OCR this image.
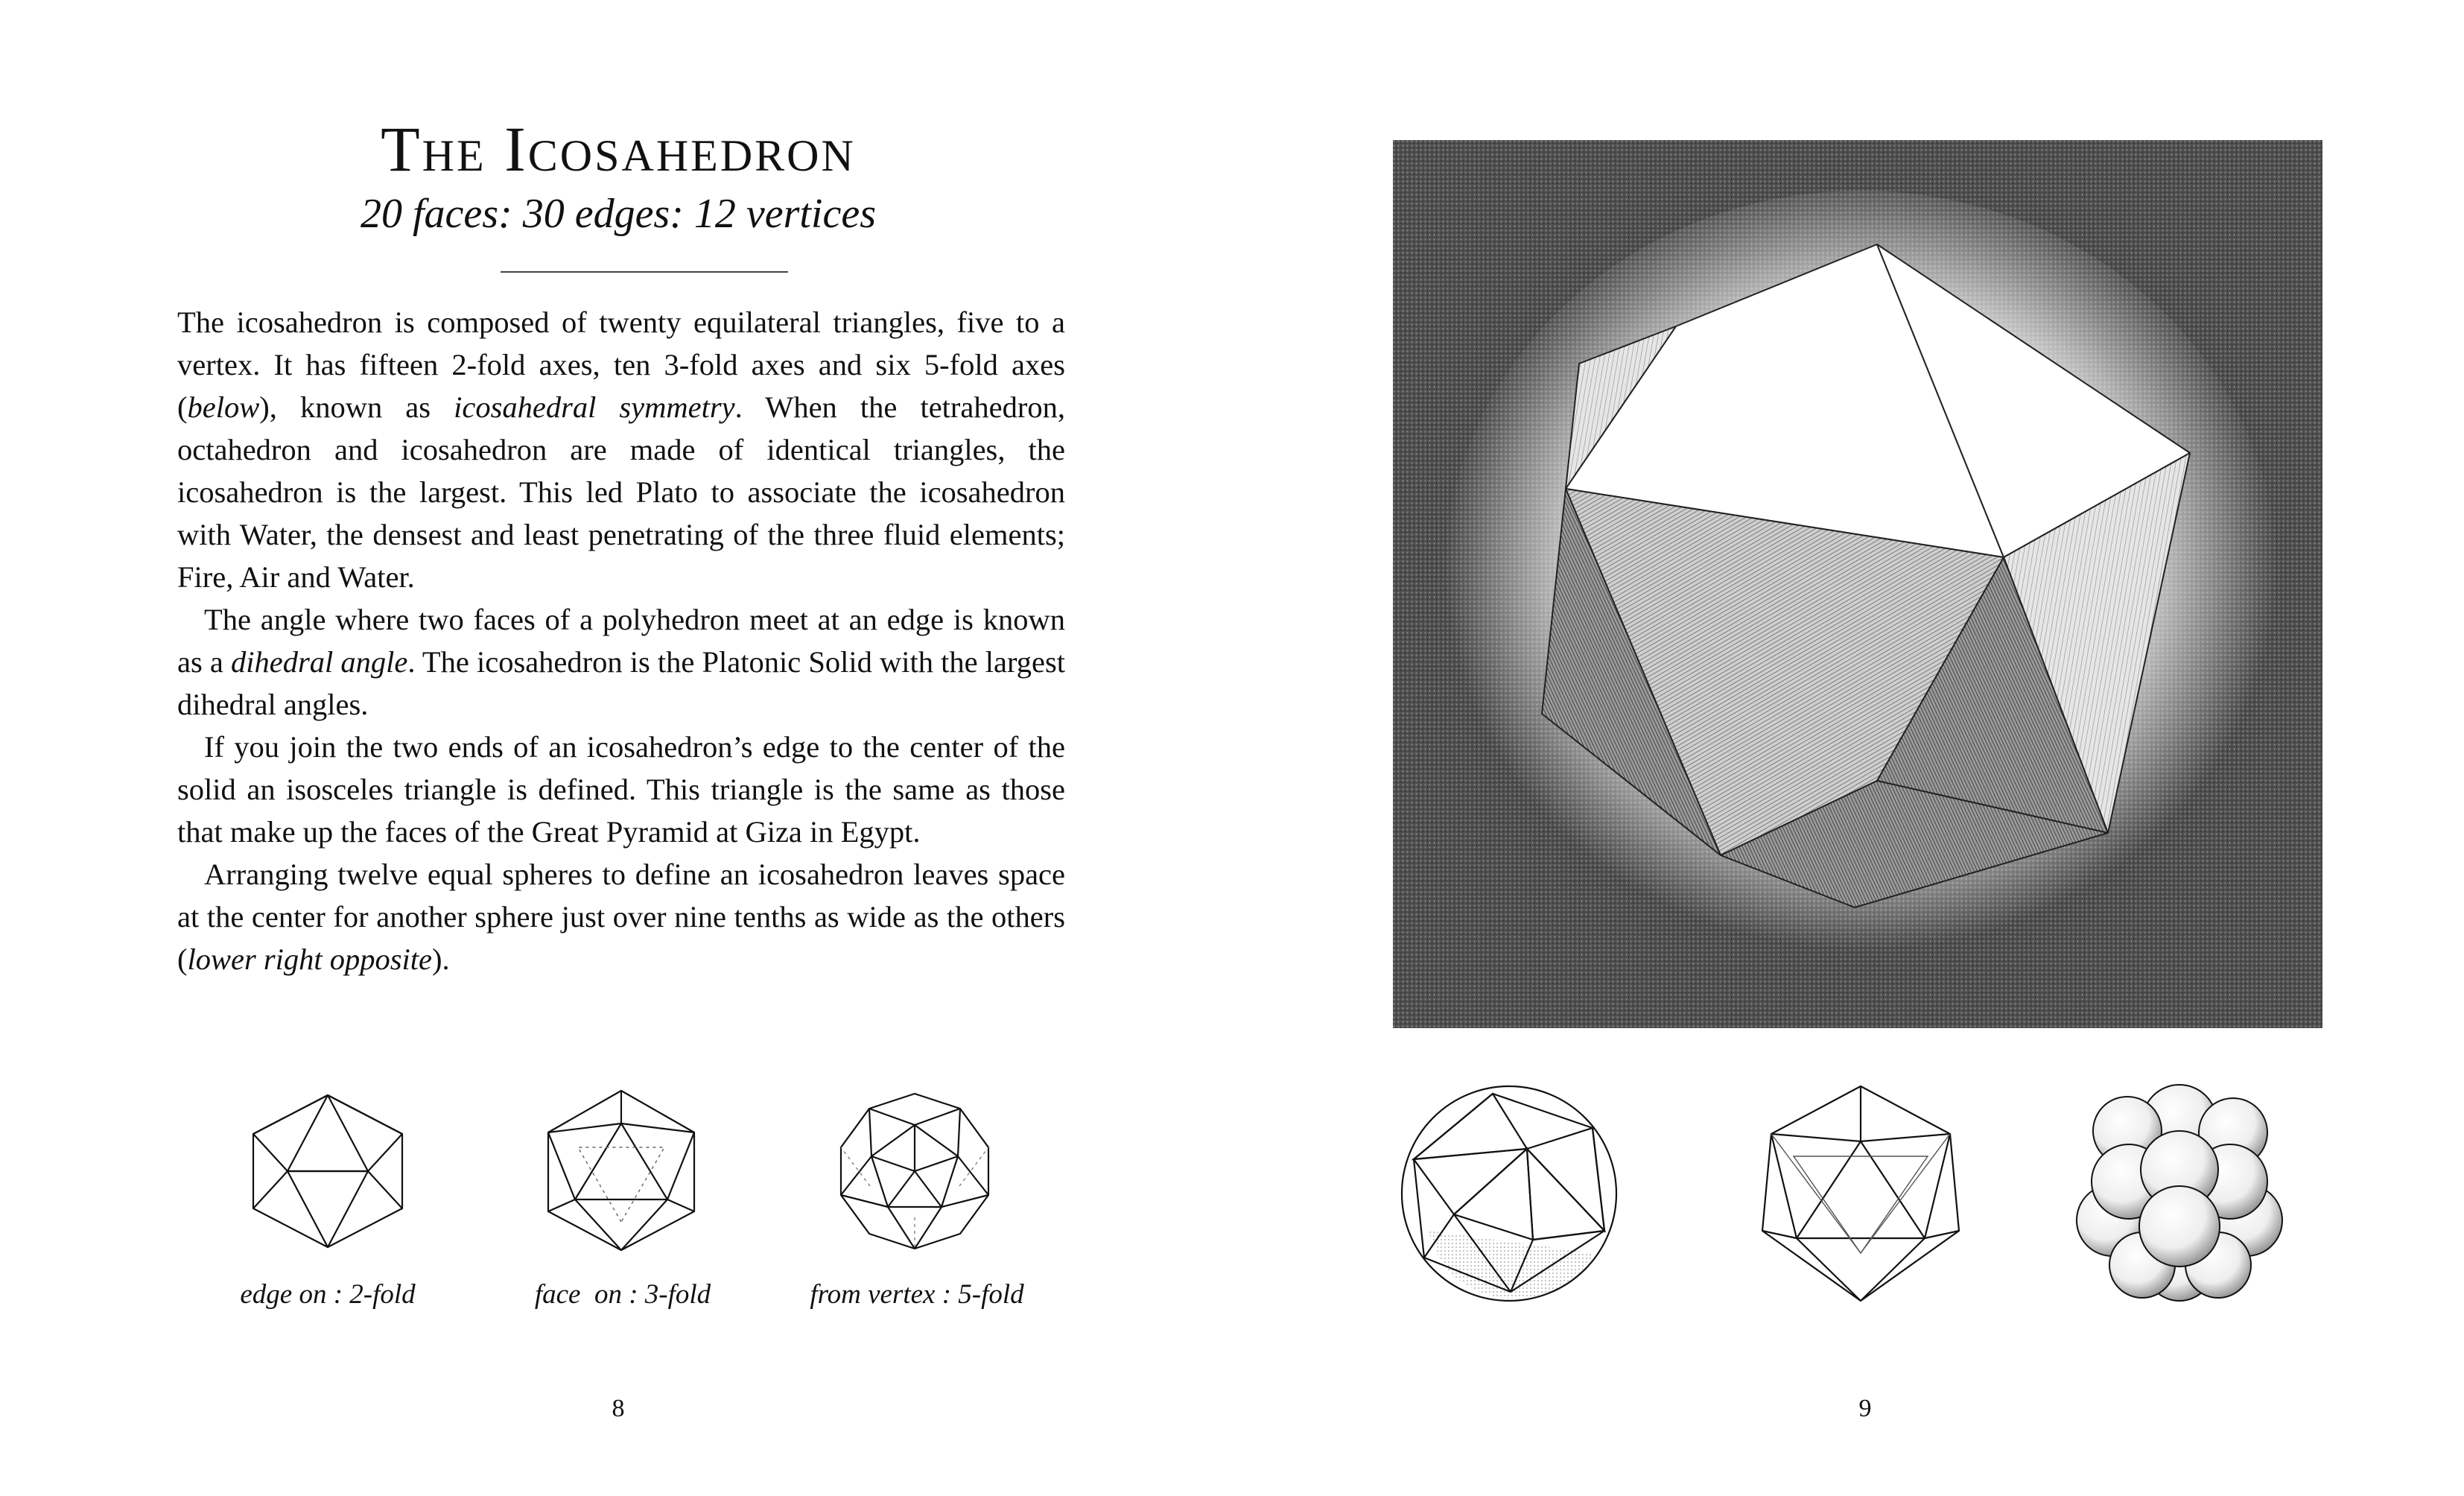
The Icosahedron
20 faces: 30 edges: 12 vertices

The icosahedron is composed of twenty equilateral triangles, five to a vertex. It has fifteen 2-fold axes, ten 3-fold axes and six 5-fold axes (below), known as icosahedral symmetry. When the tetrahedron, octahedron and icosahedron are made of identical triangles, the icosahedron is the largest. This led Plato to associate the icosahedron with Water, the densest and least penetrating of the three fluid elements; Fire, Air and Water.

The angle where two faces of a polyhedron meet at an edge is known as a dihedral angle. The icosahedron is the Platonic Solid with the largest dihedral angles.

If you join the two ends of an icosahedron’s edge to the center of the solid an isosceles triangle is defined. This triangle is the same as those that make up the faces of the Great Pyramid at Giza in Egypt.

Arranging twelve equal spheres to define an icosahedron leaves space at the center for another sphere just over nine tenths as wide as the others (lower right opposite).

edge on : 2-fold	face  on : 3-fold	from vertex : 5-fold
8	9
